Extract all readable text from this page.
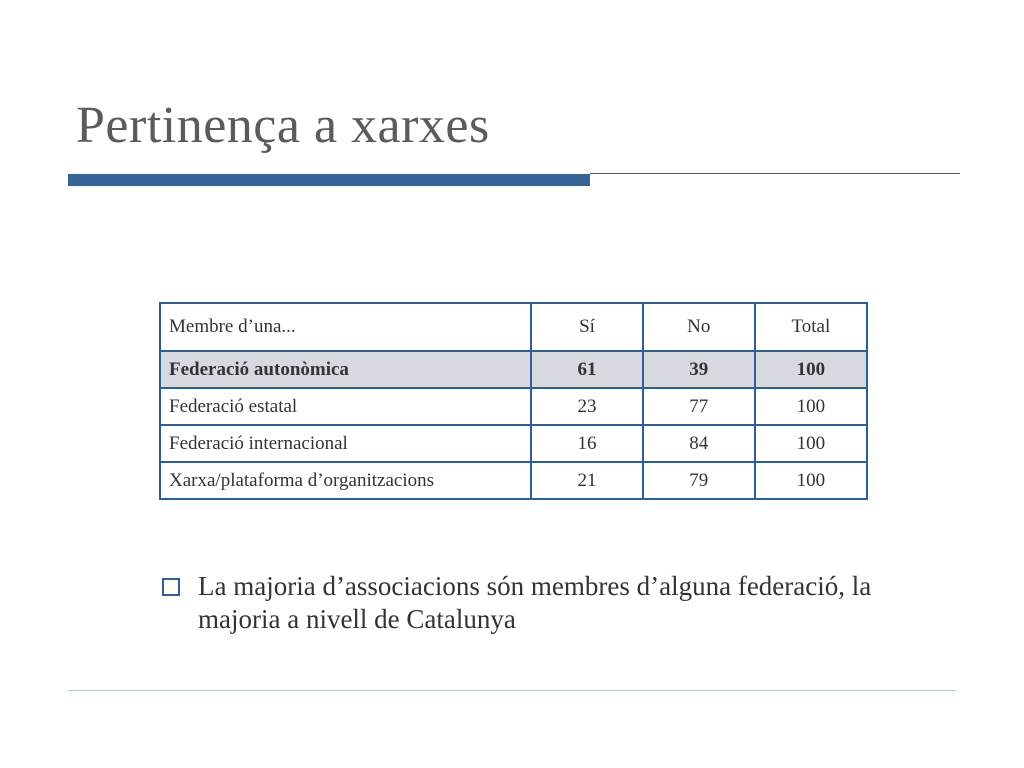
Pertinença a xarxes
Membre d’una...	Sí	No	Total
Federació autonòmica	61	39	100
Federació estatal	23	77	100
Federació internacional	16	84	100
Xarxa/plataforma d’organitzacions	21	79	100
La majoria d’associacions són membres d’alguna federació, la majoria a nivell de Catalunya
